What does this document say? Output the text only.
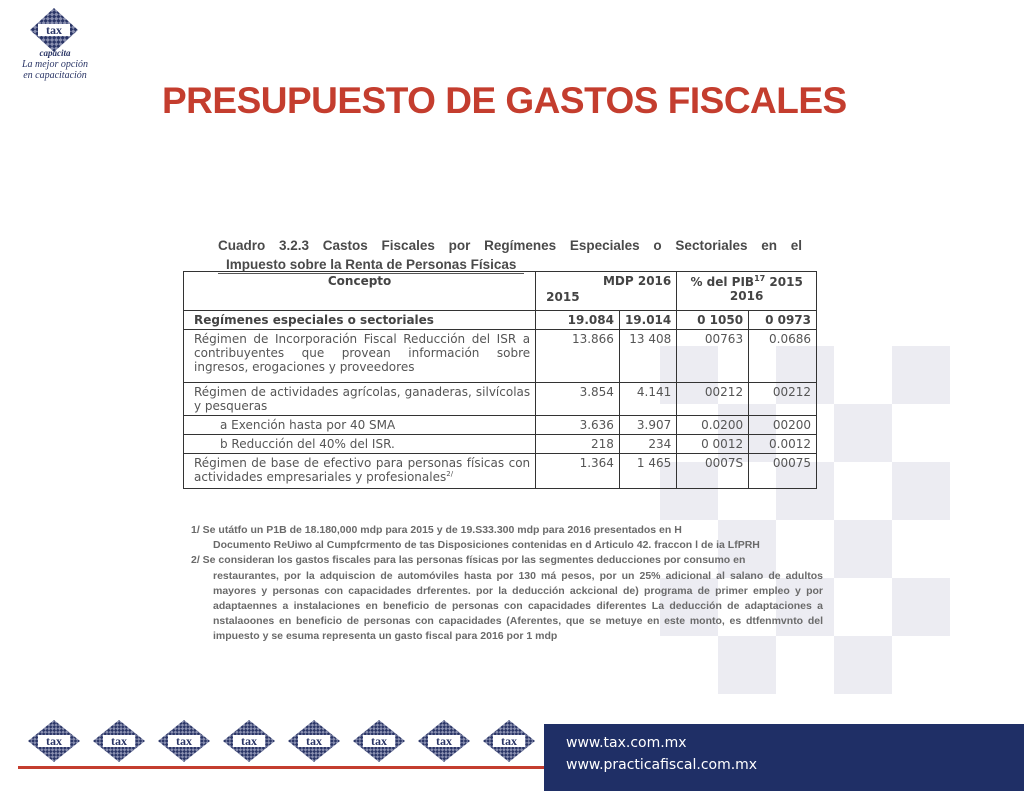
tax
capacita
La mejor opción
en capacitación
PRESUPUESTO DE GASTOS FISCALES
Cuadro 3.2.3 Castos Fiscales por Regímenes Especiales o Sectoriales en el
Impuesto sobre la Renta de Personas Físicas
Concepto	MDP 2016
2015		% del PIB$^{17}$ 2015
2016	

Regímenes especiales o sectoriales	19.084	19.014	0 1050	0 0973
Régimen de Incorporación Fiscal Reducción del ISR a contribuyentes que provean información sobre ingresos, erogaciones y proveedores	13.866	13 408	00763	0.0686
Régimen de actividades agrícolas, ganaderas, silvícolas y pesqueras	3.854	4.141	00212	00212
a Exención hasta por 40 SMA	3.636	3.907	0.0200	00200
b Reducción del 40% del ISR.	218	234	0 0012	0.0012
Régimen de base de efectivo para personas físicas con actividades empresariales y profesionales$^{2/}$	1.364	1 465	0007S	00075

1/ Se utátfo un P1B de 18.180,000 mdp para 2015 y de 19.S33.300 mdp para 2016 presentados en H

Documento ReUiwo al Cumpfcrmento de tas Disposiciones contenidas en d Articulo 42. fraccon l de ia LfPRH

2/ Se consideran los gastos fiscales para las personas físicas por las segmentes deducciones por consumo en

restaurantes, por la adquiscion de automóviles hasta por 130 má pesos, por un 25% adicional al salano de adultos mayores y personas con capacidades drferentes. por la deducción ackcional de) programa de primer empleo y por adaptaennes a instalaciones en beneficio de personas con capacidades diferentes La deducción de adaptaciones a nstalaoones en beneficio de personas con capacidades (Aferentes, que se metuye en este monto, es dtfenmvnto del impuesto y se esuma representa un gasto fiscal para 2016 por 1 mdp

www.tax.com.mx
www.practicafiscal.com.mx
